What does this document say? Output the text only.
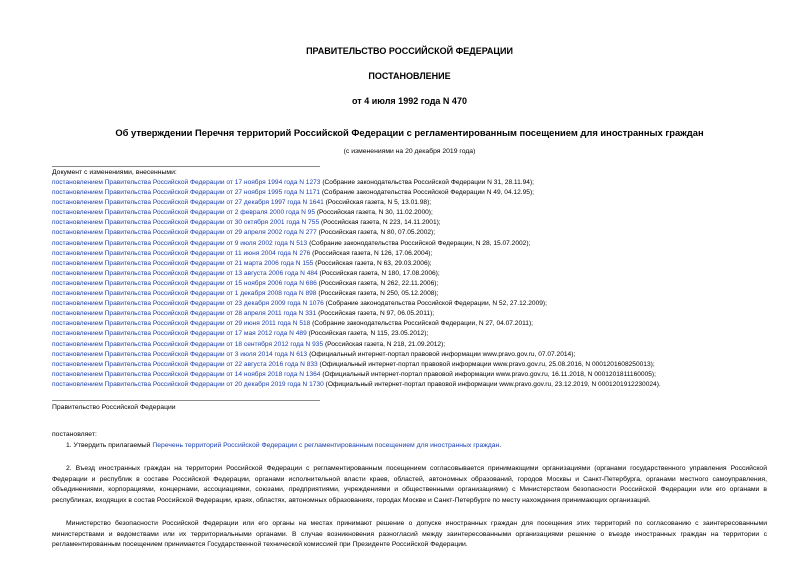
ПРАВИТЕЛЬСТВО РОССИЙСКОЙ ФЕДЕРАЦИИ
ПОСТАНОВЛЕНИЕ
от 4 июля 1992 года N 470
Об утверждении Перечня территорий Российской Федерации с регламентированным посещением для иностранных граждан
(с изменениями на 20 декабря 2019 года)
Документ с изменениями, внесенными:
постановлением Правительства Российской Федерации от 17 ноября 1994 года N 1273 (Собрание законодательства Российской Федерации N 31, 28.11.94);
постановлением Правительства Российской Федерации от 27 ноября 1995 года N 1171 (Собрание законодательства Российской Федерации N 49, 04.12.95);
постановлением Правительства Российской Федерации от 27 декабря 1997 года N 1641 (Российская газета, N 5, 13.01.98);
постановлением Правительства Российской Федерации от 2 февраля 2000 года N 95 (Российская газета, N 30, 11.02.2000);
постановлением Правительства Российской Федерации от 30 октября 2001 года N 755 (Российская газета, N 223, 14.11.2001);
постановлением Правительства Российской Федерации от 29 апреля 2002 года N 277 (Российская газета, N 80, 07.05.2002);
постановлением Правительства Российской Федерации от 9 июля 2002 года N 513 (Собрание законодательства Российской Федерации, N 28, 15.07.2002);
постановлением Правительства Российской Федерации от 11 июня 2004 года N 276 (Российская газета, N 126, 17.06.2004);
постановлением Правительства Российской Федерации от 21 марта 2006 года N 155 (Российская газета, N 63, 29.03.2006);
постановлением Правительства Российской Федерации от 13 августа 2006 года N 484 (Российская газета, N 180, 17.08.2006);
постановлением Правительства Российской Федерации от 15 ноября 2006 года N 686 (Российская газета, N 262, 22.11.2006);
постановлением Правительства Российской Федерации от 1 декабря 2008 года N 898 (Российская газета, N 250, 05.12.2008);
постановлением Правительства Российской Федерации от 23 декабря 2009 года N 1076 (Собрание законодательства Российской Федерации, N 52, 27.12.2009);
постановлением Правительства Российской Федерации от 28 апреля 2011 года N 331 (Российская газета, N 97, 06.05.2011);
постановлением Правительства Российской Федерации от 29 июня 2011 года N 518 (Собрание законодательства Российской Федерации, N 27, 04.07.2011);
постановлением Правительства Российской Федерации от 17 мая 2012 года N 489 (Российская газета, N 115, 23.05.2012);
постановлением Правительства Российской Федерации от 18 сентября 2012 года N 935 (Российская газета, N 218, 21.09.2012);
постановлением Правительства Российской Федерации от 3 июля 2014 года N 613 (Официальный интернет-портал правовой информации www.pravo.gov.ru, 07.07.2014);
постановлением Правительства Российской Федерации от 22 августа 2016 года N 833 (Официальный интернет-портал правовой информации www.pravo.gov.ru, 25.08.2016, N 0001201608250013);
постановлением Правительства Российской Федерации от 14 ноября 2018 года N 1364 (Официальный интернет-портал правовой информации www.pravo.gov.ru, 16.11.2018, N 0001201811160005);
постановлением Правительства Российской Федерации от 20 декабря 2019 года N 1730 (Официальный интернет-портал правовой информации www.pravo.gov.ru, 23.12.2019, N 0001201912230024).
Правительство Российской Федерации
постановляет:

1. Утвердить прилагаемый Перечень территорий Российской Федерации с регламентированным посещением для иностранных граждан.

2. Въезд иностранных граждан на территории Российской Федерации с регламентированным посещением согласовывается принимающими организациями (органами государственного управления Российской Федерации и республик в составе Российской Федерации, органами исполнительной власти краев, областей, автономных образований, городов Москвы и Санкт-Петербурга, органами местного самоуправления, объединениями, корпорациями, концернами, ассоциациями, союзами, предприятиями, учреждениями и общественными организациями) с Министерством безопасности Российской Федерации или его органами в республиках, входящих в состав Российской Федерации, краях, областях, автономных образованиях, городах Москве и Санкт-Петербурге по месту нахождения принимающих организаций.

Министерство безопасности Российской Федерации или его органы на местах принимают решение о допуске иностранных граждан для посещения этих территорий по согласованию с заинтересованными министерствами и ведомствами или их территориальными органами. В случае возникновения разногласий между заинтересованными организациями решение о въезде иностранных граждан на территории с регламентированным посещением принимается Государственной технической комиссией при Президенте Российской Федерации.
